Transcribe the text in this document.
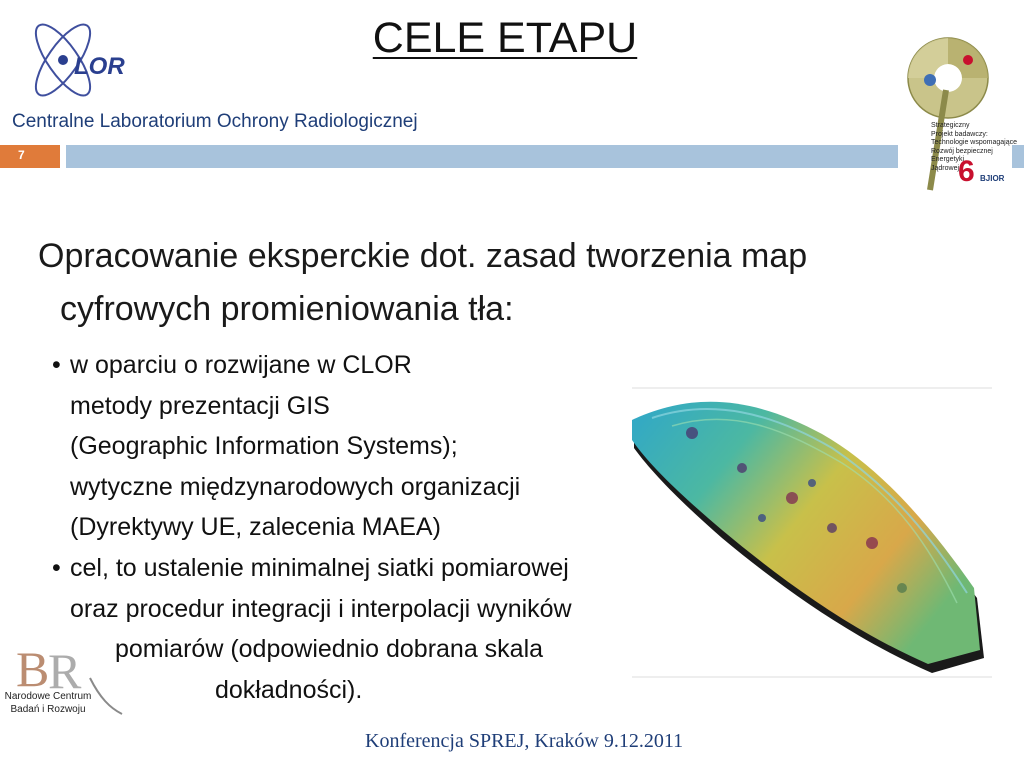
LOR
Centralne Laboratorium Ochrony Radiologicznej
CELE ETAPU
7
Strategiczny
Projekt badawczy:
Technologie wspomagające
Rozwój bezpiecznej
Energetyki
Jądrowej
6 BJIOR
Opracowanie eksperckie dot. zasad tworzenia map
cyfrowych promieniowania tła:
• w oparciu o rozwijane w CLOR
metody prezentacji GIS
(Geographic Information Systems);
wytyczne międzynarodowych organizacji
(Dyrektywy UE, zalecenia MAEA)
• cel, to ustalenie minimalnej siatki pomiarowej
oraz procedur integracji i interpolacji wyników
pomiarów (odpowiednio dobrana skala
dokładności).
B
R
Narodowe Centrum
Badań i Rozwoju
Konferencja SPREJ, Kraków 9.12.2011
